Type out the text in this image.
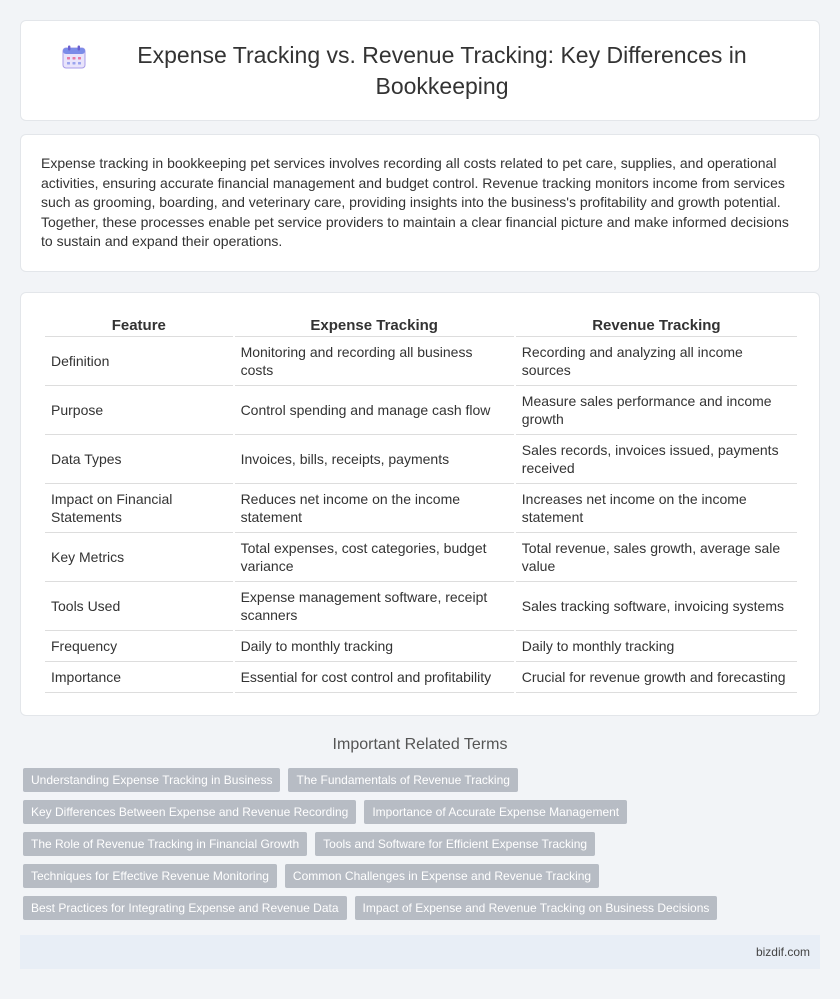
Expense Tracking vs. Revenue Tracking: Key Differences in Bookkeeping

Expense tracking in bookkeeping pet services involves recording all costs related to pet care, supplies, and operational activities, ensuring accurate financial management and budget control. Revenue tracking monitors income from services such as grooming, boarding, and veterinary care, providing insights into the business's profitability and growth potential. Together, these processes enable pet service providers to maintain a clear financial picture and make informed decisions to sustain and expand their operations.

Feature	Expense Tracking	Revenue Tracking
Definition	Monitoring and recording all business costs	Recording and analyzing all income sources
Purpose	Control spending and manage cash flow	Measure sales performance and income growth
Data Types	Invoices, bills, receipts, payments	Sales records, invoices issued, payments received
Impact on Financial Statements	Reduces net income on the income statement	Increases net income on the income statement
Key Metrics	Total expenses, cost categories, budget variance	Total revenue, sales growth, average sale value
Tools Used	Expense management software, receipt scanners	Sales tracking software, invoicing systems
Frequency	Daily to monthly tracking	Daily to monthly tracking
Importance	Essential for cost control and profitability	Crucial for revenue growth and forecasting
Important Related Terms
Understanding Expense Tracking in Business	The Fundamentals of Revenue Tracking
Key Differences Between Expense and Revenue Recording	Importance of Accurate Expense Management
The Role of Revenue Tracking in Financial Growth	Tools and Software for Efficient Expense Tracking
Techniques for Effective Revenue Monitoring	Common Challenges in Expense and Revenue Tracking
Best Practices for Integrating Expense and Revenue Data	Impact of Expense and Revenue Tracking on Business Decisions
bizdif.com
